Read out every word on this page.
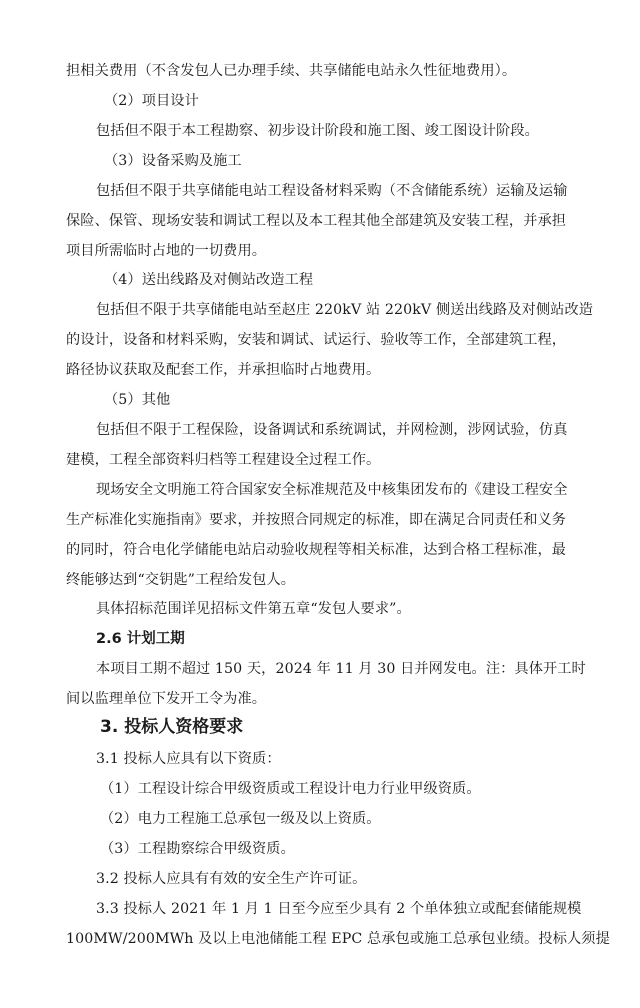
担相关费用（不含发包人已办理手续、共享储能电站永久性征地费用）。
（2）项目设计
包括但不限于本工程勘察、初步设计阶段和施工图、竣工图设计阶段。
（3）设备采购及施工
包括但不限于共享储能电站工程设备材料采购（不含储能系统）运输及运输
保险、保管、现场安装和调试工程以及本工程其他全部建筑及安装工程，并承担
项目所需临时占地的一切费用。
（4）送出线路及对侧站改造工程
包括但不限于共享储能电站至赵庄 220kV 站 220kV 侧送出线路及对侧站改造
的设计，设备和材料采购，安装和调试、试运行、验收等工作，全部建筑工程，
路径协议获取及配套工作，并承担临时占地费用。
（5）其他
包括但不限于工程保险，设备调试和系统调试，并网检测，涉网试验，仿真
建模，工程全部资料归档等工程建设全过程工作。
现场安全文明施工符合国家安全标准规范及中核集团发布的《建设工程安全
生产标准化实施指南》要求，并按照合同规定的标准，即在满足合同责任和义务
的同时，符合电化学储能电站启动验收规程等相关标准，达到合格工程标准，最
终能够达到“交钥匙”工程给发包人。
具体招标范围详见招标文件第五章“发包人要求”。
2.6 计划工期
本项目工期不超过 150 天，2024 年 11 月 30 日并网发电。注：具体开工时
间以监理单位下发开工令为准。
3. 投标人资格要求
3.1 投标人应具有以下资质：
（1）工程设计综合甲级资质或工程设计电力行业甲级资质。
（2）电力工程施工总承包一级及以上资质。
（3）工程勘察综合甲级资质。
3.2 投标人应具有有效的安全生产许可证。
3.3 投标人 2021 年 1 月 1 日至今应至少具有 2 个单体独立或配套储能规模
100MW/200MWh 及以上电池储能工程 EPC 总承包或施工总承包业绩。投标人须提
